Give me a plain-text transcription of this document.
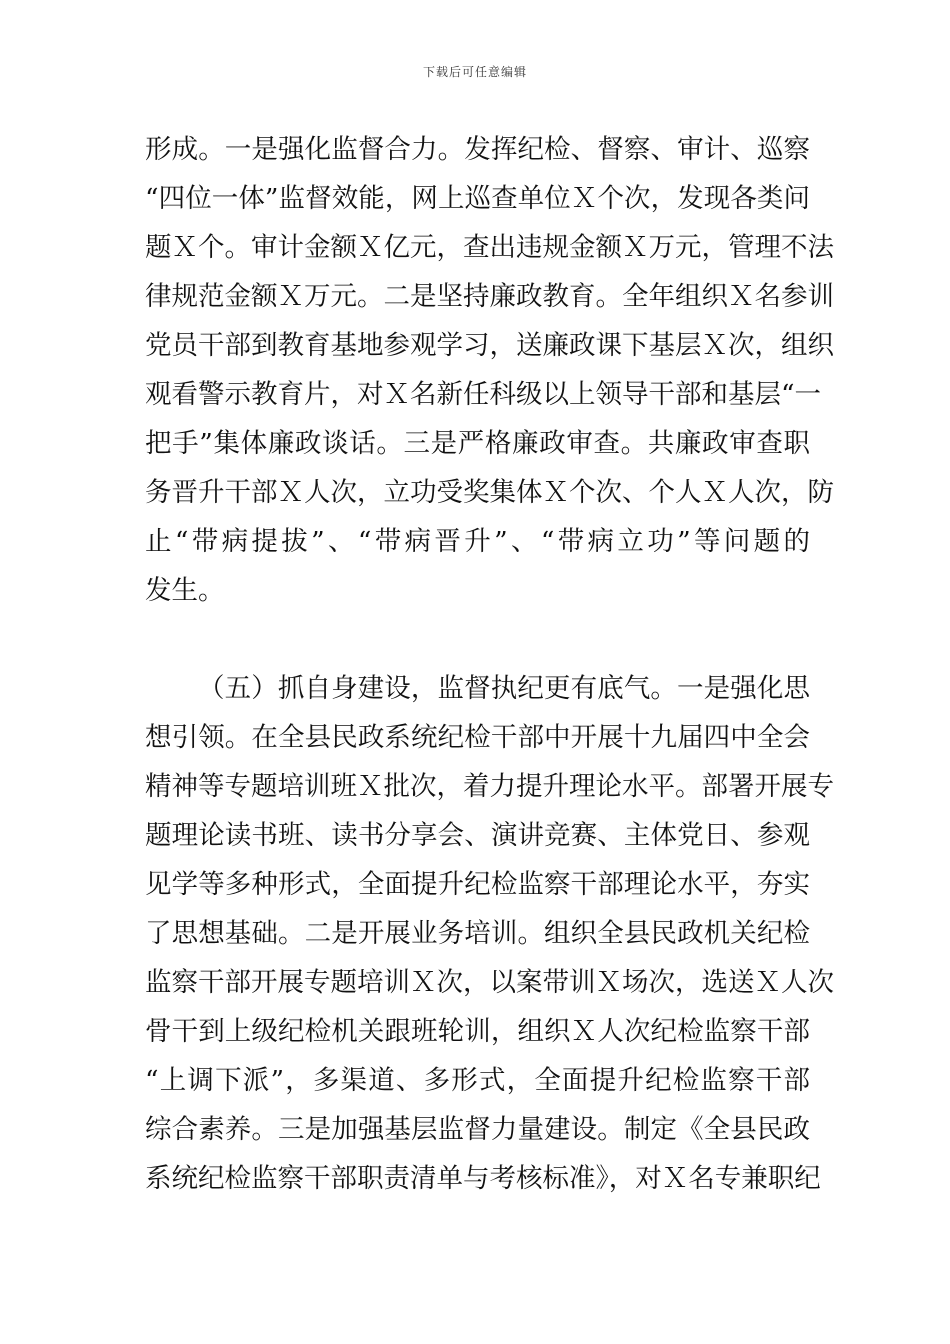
下载后可任意编辑
形成。一是强化监督合力。发挥纪检、督察、审计、巡察
“四位一体”监督效能，网上巡查单位Ｘ个次，发现各类问
题Ｘ个。审计金额Ｘ亿元，查出违规金额Ｘ万元，管理不法
律规范金额Ｘ万元。二是坚持廉政教育。全年组织Ｘ名参训
党员干部到教育基地参观学习，送廉政课下基层Ｘ次，组织
观看警示教育片，对Ｘ名新任科级以上领导干部和基层“一
把手”集体廉政谈话。三是严格廉政审查。共廉政审查职
务晋升干部Ｘ人次，立功受奖集体Ｘ个次、个人Ｘ人次，防
止“带病提拔”、“带病晋升”、“带病立功”等问题的
发生。
（五）抓自身建设，监督执纪更有底气。一是强化思
想引领。在全县民政系统纪检干部中开展十九届四中全会
精神等专题培训班Ｘ批次，着力提升理论水平。部署开展专
题理论读书班、读书分享会、演讲竞赛、主体党日、参观
见学等多种形式，全面提升纪检监察干部理论水平，夯实
了思想基础。二是开展业务培训。组织全县民政机关纪检
监察干部开展专题培训Ｘ次，以案带训Ｘ场次，选送Ｘ人次
骨干到上级纪检机关跟班轮训，组织Ｘ人次纪检监察干部
“上调下派”，多渠道、多形式，全面提升纪检监察干部
综合素养。三是加强基层监督力量建设。制定《全县民政
系统纪检监察干部职责清单与考核标准》，对Ｘ名专兼职纪
